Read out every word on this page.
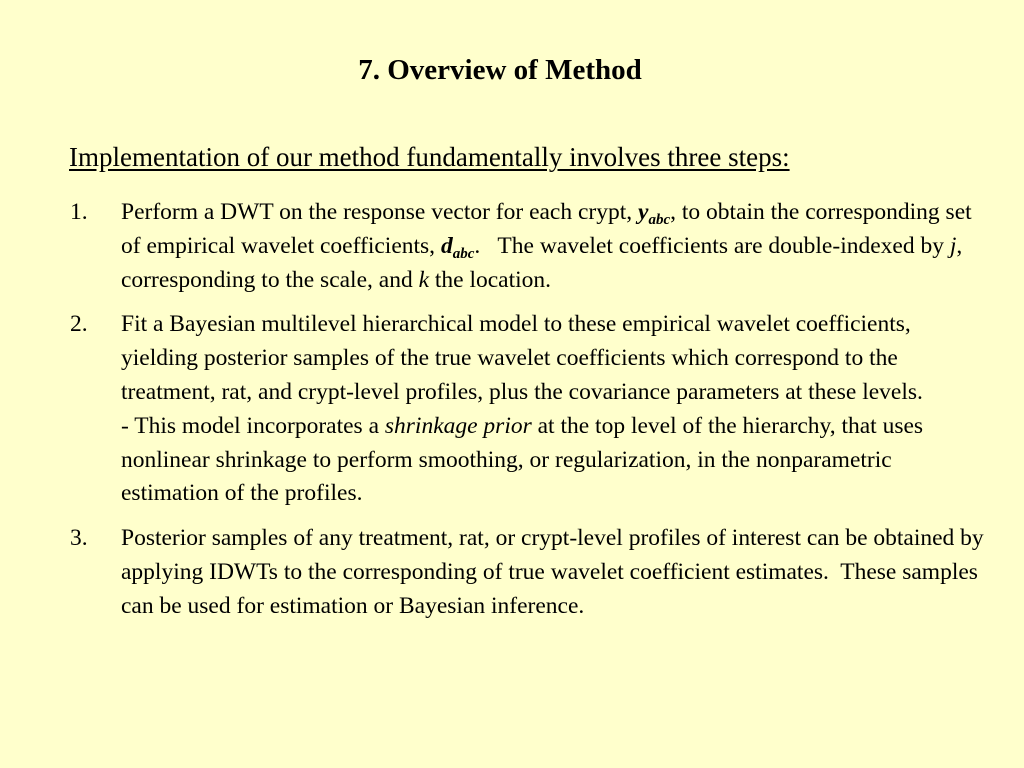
7. Overview of Method
Implementation of our method fundamentally involves three steps:
1. Perform a DWT on the response vector for each crypt, $y_{abc}$, to obtain the corresponding set of empirical wavelet coefficients, $d_{abc}$.   The wavelet coefficients are double-indexed by j, corresponding to the scale, and k the location.
2. Fit a Bayesian multilevel hierarchical model to these empirical wavelet coefficients, yielding posterior samples of the true wavelet coefficients which correspond to the treatment, rat, and crypt-level profiles, plus the covariance parameters at these levels.
- This model incorporates a shrinkage prior at the top level of the hierarchy, that uses nonlinear shrinkage to perform smoothing, or regularization, in the nonparametric estimation of the profiles.
3. Posterior samples of any treatment, rat, or crypt-level profiles of interest can be obtained by applying IDWTs to the corresponding of true wavelet coefficient estimates.  These samples can be used for estimation or Bayesian inference.
